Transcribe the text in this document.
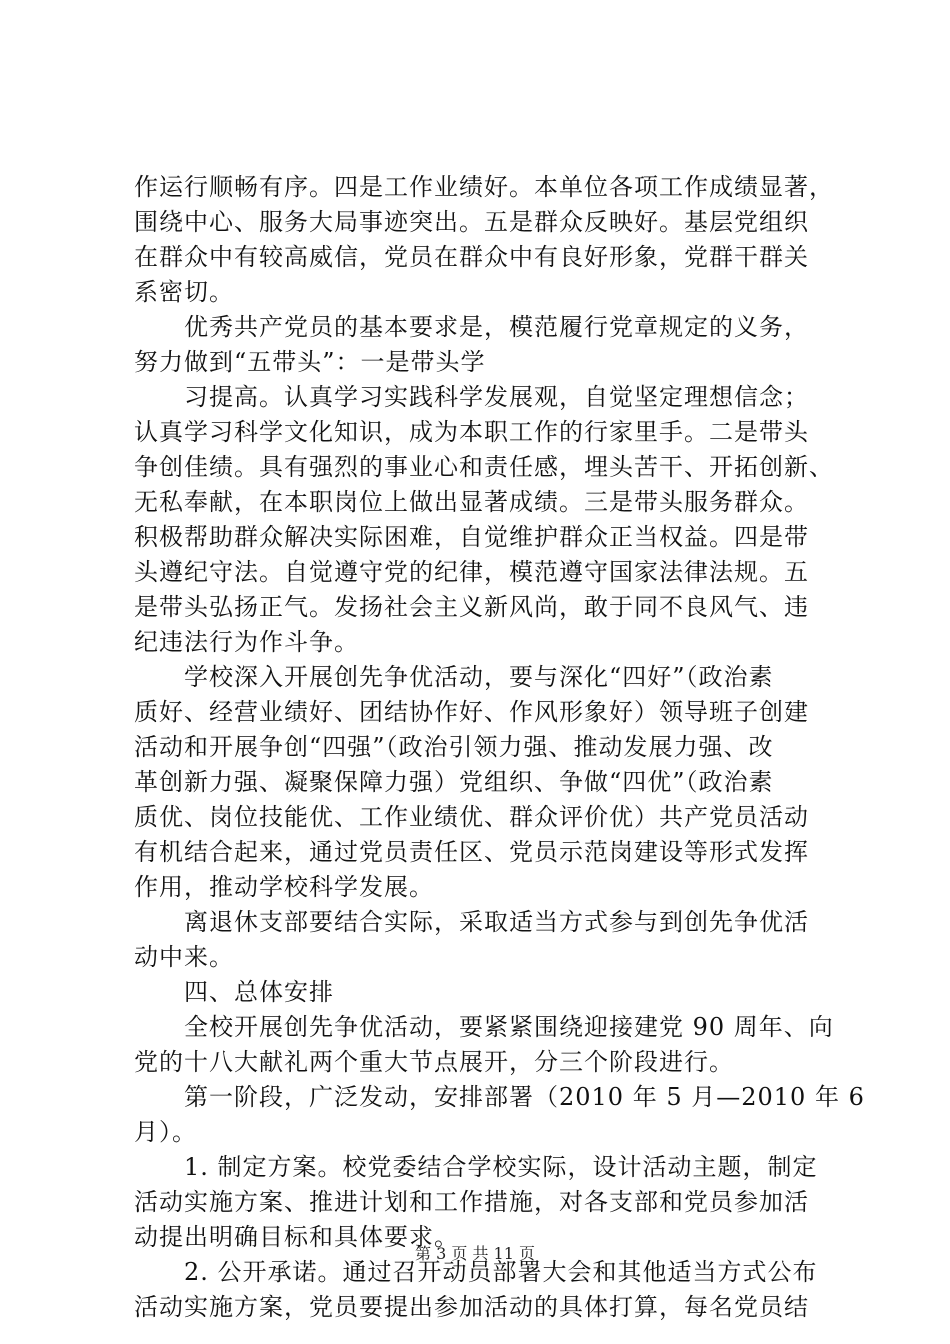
作运行顺畅有序。四是工作业绩好。本单位各项工作成绩显著，
围绕中心、服务大局事迹突出。五是群众反映好。基层党组织
在群众中有较高威信，党员在群众中有良好形象，党群干群关
系密切。
　　优秀共产党员的基本要求是，模范履行党章规定的义务，
努力做到“五带头”：一是带头学
　　习提高。认真学习实践科学发展观，自觉坚定理想信念；
认真学习科学文化知识，成为本职工作的行家里手。二是带头
争创佳绩。具有强烈的事业心和责任感，埋头苦干、开拓创新、
无私奉献，在本职岗位上做出显著成绩。三是带头服务群众。
积极帮助群众解决实际困难，自觉维护群众正当权益。四是带
头遵纪守法。自觉遵守党的纪律，模范遵守国家法律法规。五
是带头弘扬正气。发扬社会主义新风尚，敢于同不良风气、违
纪违法行为作斗争。
　　学校深入开展创先争优活动，要与深化“四好”（政治素
质好、经营业绩好、团结协作好、作风形象好）领导班子创建
活动和开展争创“四强”（政治引领力强、推动发展力强、改
革创新力强、凝聚保障力强）党组织、争做“四优”（政治素
质优、岗位技能优、工作业绩优、群众评价优）共产党员活动
有机结合起来，通过党员责任区、党员示范岗建设等形式发挥
作用，推动学校科学发展。
　　离退休支部要结合实际，采取适当方式参与到创先争优活
动中来。
　　四、总体安排
　　全校开展创先争优活动，要紧紧围绕迎接建党 90 周年、向
党的十八大献礼两个重大节点展开，分三个阶段进行。
　　第一阶段，广泛发动，安排部署（2010 年 5 月—2010 年 6
月）。
　　1. 制定方案。校党委结合学校实际，设计活动主题，制定
活动实施方案、推进计划和工作措施，对各支部和党员参加活
动提出明确目标和具体要求。
　　2. 公开承诺。通过召开动员部署大会和其他适当方式公布
活动实施方案，党员要提出参加活动的具体打算，每名党员结
第 3 页 共 11 页
